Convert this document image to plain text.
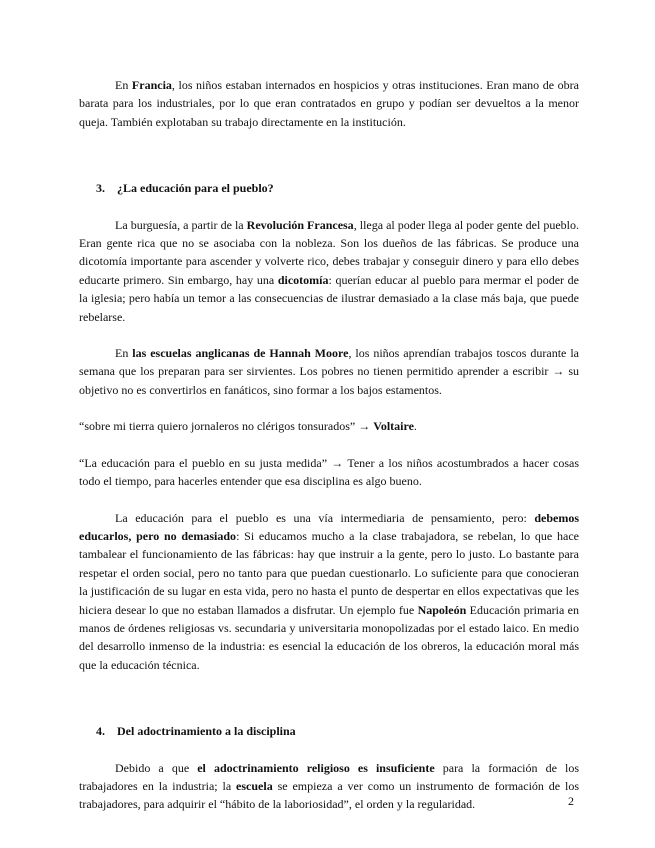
En Francia, los niños estaban internados en hospicios y otras instituciones. Eran mano de obra barata para los industriales, por lo que eran contratados en grupo y podían ser devueltos a la menor queja. También explotaban su trabajo directamente en la institución.

3. ¿La educación para el pueblo?

La burguesía, a partir de la Revolución Francesa, llega al poder llega al poder gente del pueblo. Eran gente rica que no se asociaba con la nobleza. Son los dueños de las fábricas. Se produce una dicotomía importante para ascender y volverte rico, debes trabajar y conseguir dinero y para ello debes educarte primero. Sin embargo, hay una dicotomía: querían educar al pueblo para mermar el poder de la iglesia; pero había un temor a las consecuencias de ilustrar demasiado a la clase más baja, que puede rebelarse.

En las escuelas anglicanas de Hannah Moore, los niños aprendían trabajos toscos durante la semana que los preparan para ser sirvientes. Los pobres no tienen permitido aprender a escribir → su objetivo no es convertirlos en fanáticos, sino formar a los bajos estamentos.

“sobre mi tierra quiero jornaleros no clérigos tonsurados” → Voltaire.

“La educación para el pueblo en su justa medida” → Tener a los niños acostumbrados a hacer cosas todo el tiempo, para hacerles entender que esa disciplina es algo bueno.

La educación para el pueblo es una vía intermediaria de pensamiento, pero: debemos educarlos, pero no demasiado: Si educamos mucho a la clase trabajadora, se rebelan, lo que hace tambalear el funcionamiento de las fábricas: hay que instruir a la gente, pero lo justo. Lo bastante para respetar el orden social, pero no tanto para que puedan cuestionarlo. Lo suficiente para que conocieran la justificación de su lugar en esta vida, pero no hasta el punto de despertar en ellos expectativas que les hiciera desear lo que no estaban llamados a disfrutar. Un ejemplo fue Napoleón Educación primaria en manos de órdenes religiosas vs. secundaria y universitaria monopolizadas por el estado laico. En medio del desarrollo inmenso de la industria: es esencial la educación de los obreros, la educación moral más que la educación técnica.

4. Del adoctrinamiento a la disciplina

Debido a que el adoctrinamiento religioso es insuficiente para la formación de los trabajadores en la industria; la escuela se empieza a ver como un instrumento de formación de los trabajadores, para adquirir el “hábito de la laboriosidad”, el orden y la regularidad.	2
